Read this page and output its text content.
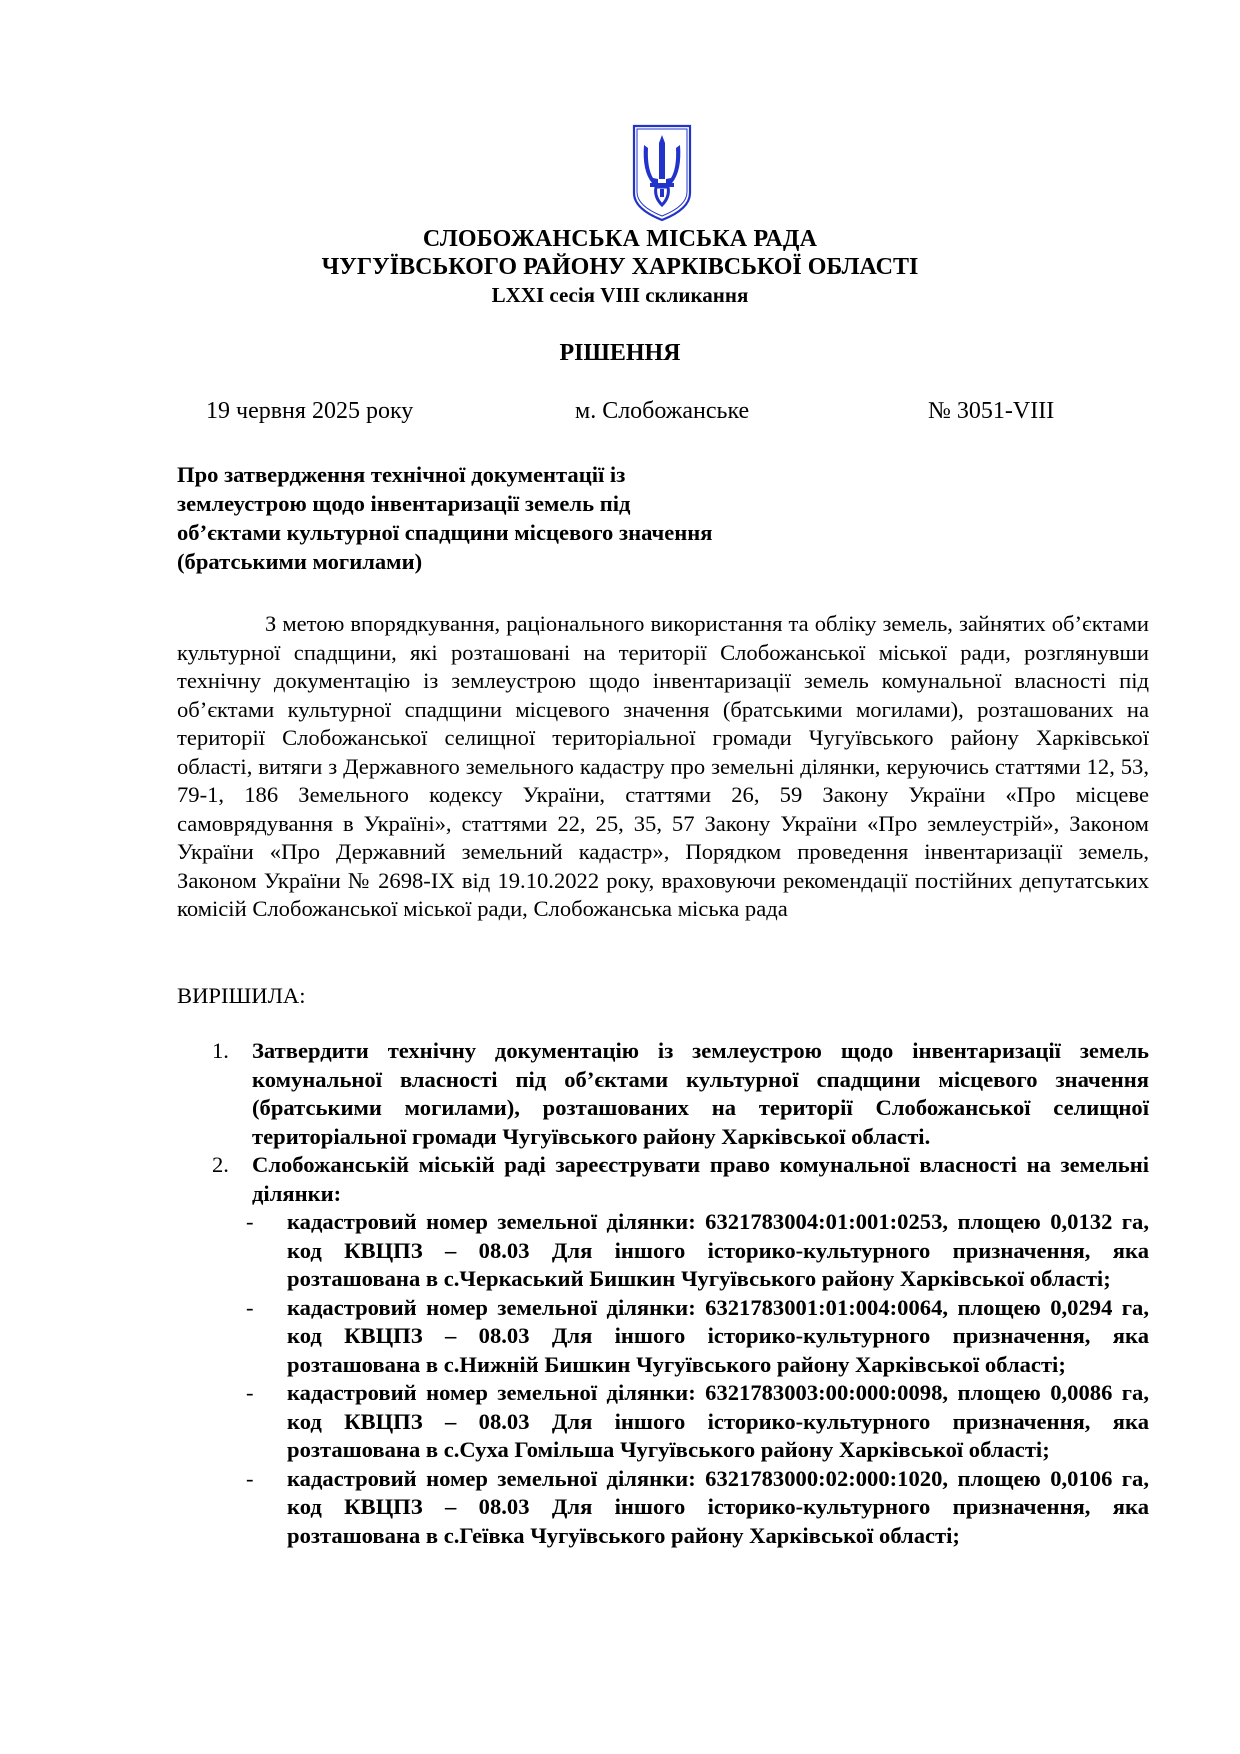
СЛОБОЖАНСЬКА МІСЬКА РАДА
ЧУГУЇВСЬКОГО РАЙОНУ ХАРКІВСЬКОЇ ОБЛАСТІ
LXXI сесія VIII скликання
РІШЕННЯ
19 червня 2025 року	м. Слобожанське	№ 3051-VIII
Про затвердження технічної документації із землеустрою щодо інвентаризації земель під об’єктами культурної спадщини місцевого значення (братськими могилами)
З метою впорядкування, раціонального використання та обліку земель, зайнятих об’єктами культурної спадщини, які розташовані на території Слобожанської міської ради, розглянувши технічну документацію із землеустрою щодо інвентаризації земель комунальної власності під об’єктами культурної спадщини місцевого значення (братськими могилами), розташованих на території Слобожанської селищної територіальної громади Чугуївського району Харківської області, витяги з Державного земельного кадастру про земельні ділянки, керуючись статтями 12, 53, 79-1, 186 Земельного кодексу України, статтями 26, 59 Закону України «Про місцеве самоврядування в Україні», статтями 22, 25, 35, 57 Закону України «Про землеустрій», Законом України «Про Державний земельний кадастр», Порядком проведення інвентаризації земель, Законом України № 2698-IX від 19.10.2022 року, враховуючи рекомендації постійних депутатських комісій Слобожанської міської ради, Слобожанська міська рада
ВИРІШИЛА:
1. Затвердити технічну документацію із землеустрою щодо інвентаризації земель комунальної власності під об’єктами культурної спадщини місцевого значення (братськими могилами), розташованих на території Слобожанської селищної територіальної громади Чугуївського району Харківської області.
2. Слобожанській міській раді зареєструвати право комунальної власності на земельні ділянки:
- кадастровий номер земельної ділянки: 6321783004:01:001:0253, площею 0,0132 га, код КВЦПЗ – 08.03 Для іншого історико-культурного призначення, яка розташована в с.Черкаський Бишкин Чугуївського району Харківської області;
- кадастровий номер земельної ділянки: 6321783001:01:004:0064, площею 0,0294 га, код КВЦПЗ – 08.03 Для іншого історико-культурного призначення, яка розташована в с.Нижній Бишкин Чугуївського району Харківської області;
- кадастровий номер земельної ділянки: 6321783003:00:000:0098, площею 0,0086 га, код КВЦПЗ – 08.03 Для іншого історико-культурного призначення, яка розташована в с.Суха Гомільша Чугуївського району Харківської області;
- кадастровий номер земельної ділянки: 6321783000:02:000:1020, площею 0,0106 га, код КВЦПЗ – 08.03 Для іншого історико-культурного призначення, яка розташована в с.Геївка Чугуївського району Харківської області;
